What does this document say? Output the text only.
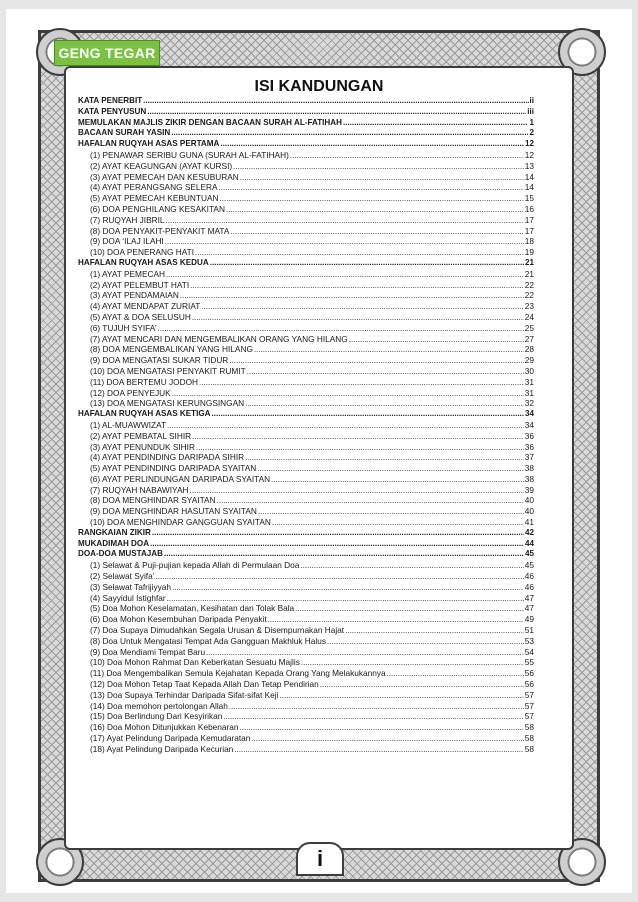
GENG TEGAR
ISI KANDUNGAN
KATA PENERBIT .....	ii
KATA PENYUSUN .....	iii
MEMULAKAN MAJLIS ZIKIR DENGAN BACAAN SURAH AL-FATIHAH .....	1
BACAAN SURAH YASIN .....	2
HAFALAN RUQYAH ASAS PERTAMA .....	12
(1) PENAWAR SERIBU GUNA (SURAH AL-FATIHAH) .....	12
(2) AYAT KEAGUNGAN (AYAT KURSI) .....	13
(3) AYAT PEMECAH DAN KESUBURAN .....	14
(4) AYAT PERANGSANG SELERA .....	14
(5) AYAT PEMECAH KEBUNTUAN .....	15
(6) DOA PENGHILANG KESAKITAN .....	16
(7) RUQYAH JIBRIL .....	17
(8) DOA PENYAKIT-PENYAKIT MATA .....	17
(9) DOA ‘ILAJ ILAHI .....	18
(10) DOA PENERANG HATI .....	19
HAFALAN RUQYAH ASAS KEDUA .....	21
(1) AYAT PEMECAH .....	21
(2) AYAT PELEMBUT HATI .....	22
(3) AYAT PENDAMAIAN .....	22
(4) AYAT MENDAPAT ZURIAT .....	23
(5) AYAT & DOA SELUSUH .....	24
(6) TUJUH SYIFA’ .....	25
(7) AYAT MENCARI DAN MENGEMBALIKAN ORANG YANG HILANG .....	27
(8) DOA MENGEMBALIKAN YANG HILANG .....	28
(9) DOA MENGATASI SUKAR TIDUR .....	29
(10) DOA MENGATASI PENYAKIT RUMIT .....	30
(11) DOA BERTEMU JODOH .....	31
(12) DOA PENYEJUK .....	31
(13) DOA MENGATASI KERUNGSINGAN .....	32
HAFALAN RUQYAH ASAS KETIGA .....	34
(1) AL-MUAWWIZAT .....	34
(2) AYAT PEMBATAL SIHIR .....	36
(3) AYAT PENUNDUK SIHIR .....	36
(4) AYAT PENDINDING DARIPADA SIHIR .....	37
(5) AYAT PENDINDING DARIPADA SYAITAN .....	38
(6) AYAT PERLINDUNGAN DARIPADA SYAITAN .....	38
(7) RUQYAH NABAWIYAH .....	39
(8) DOA MENGHINDAR SYAITAN .....	40
(9) DOA MENGHINDAR HASUTAN SYAITAN .....	40
(10) DOA MENGHINDAR GANGGUAN SYAITAN .....	41
RANGKAIAN ZIKIR .....	42
MUKADIMAH DOA .....	44
DOA-DOA MUSTAJAB .....	45
(1) Selawat & Puji-pujian kepada Allah di Permulaan Doa .....	45
(2) Selawat Syifa’ .....	46
(3) Selawat Tafrijiyyah .....	46
(4) Sayyidul Istighfar .....	47
(5) Doa Mohon Keselamatan, Kesihatan dan Tolak Bala .....	47
(6) Doa Mohon Kesembuhan Daripada Penyakit .....	49
(7) Doa Supaya Dimudahkan Segala Urusan & Disempurnakan Hajat .....	51
(8) Doa Untuk Mengatasi Tempat Ada Gangguan Makhluk Halus .....	53
(9) Doa Mendiami Tempat Baru .....	54
(10) Doa Mohon Rahmat Dan Keberkatan Sesuatu Majlis .....	55
(11) Doa Mengembalikan Semula Kejahatan Kepada Orang Yang Melakukannya .....	56
(12) Doa Mohon Tetap Taat Kepada Allah Dan Tetap Pendirian .....	56
(13) Doa Supaya Terhindar Daripada Sifat-sifat Keji .....	57
(14) Doa memohon pertolongan Allah .....	57
(15) Doa Berlindung Dari Kesyirikan .....	57
(16) Doa Mohon Ditunjukkan Kebenaran .....	58
(17) Ayat Pelindung Daripada Kemudaratan .....	58
(18) Ayat Pelindung Daripada Kecurian .....	58
i
